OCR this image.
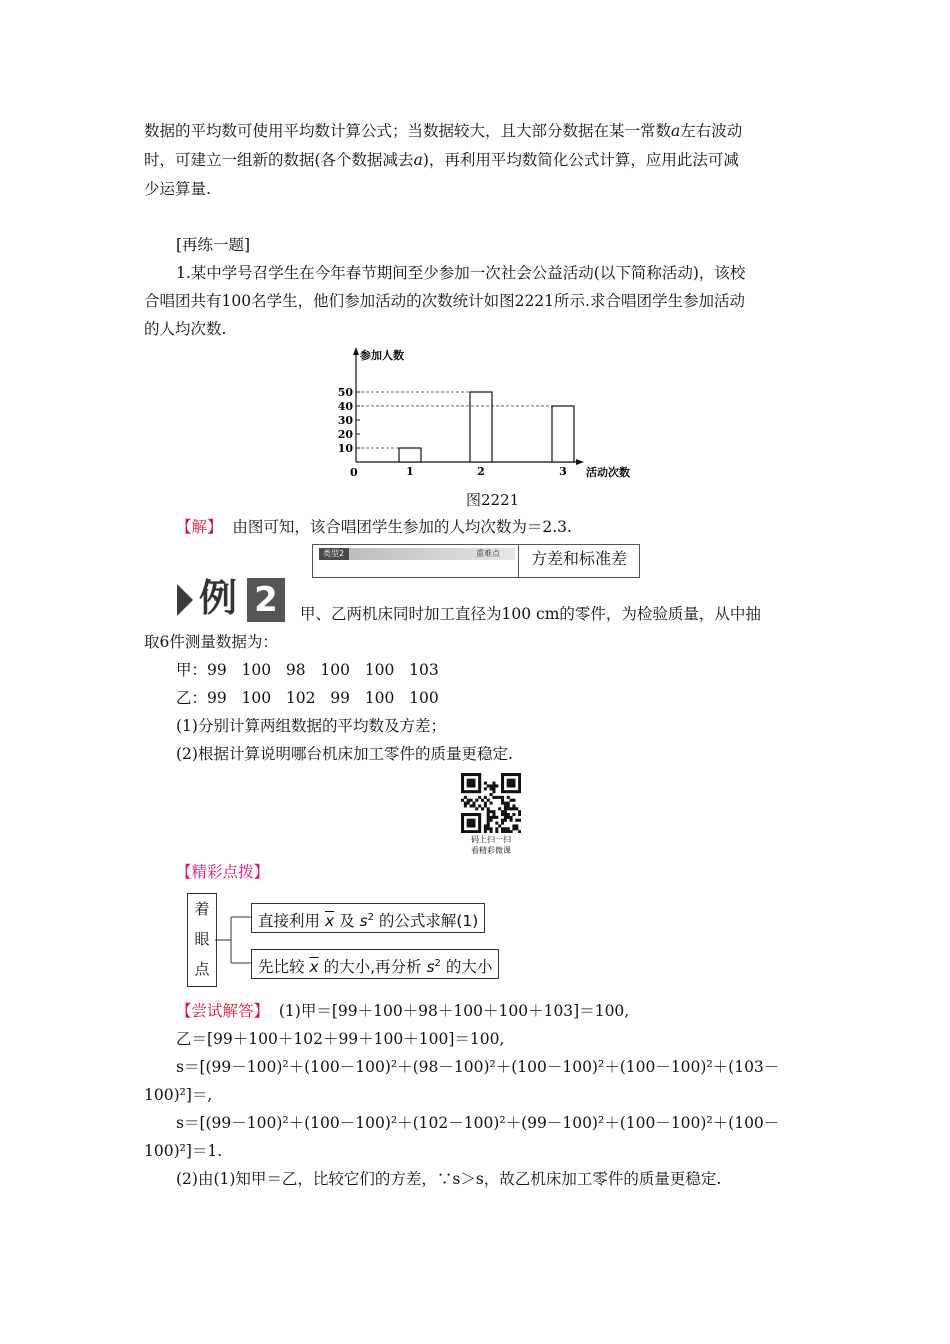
数据的平均数可使用平均数计算公式；当数据较大，且大部分数据在某一常数a左右波动
时，可建立一组新的数据(各个数据减去a)，再利用平均数简化公式计算，应用此法可减
少运算量.
[再练一题]
1.某中学号召学生在今年春节期间至少参加一次社会公益活动(以下简称活动)，该校
合唱团共有100名学生，他们参加活动的次数统计如图2221所示.求合唱团学生参加活动
的人均次数.
参加人数
活动次数
0
10
20
30
40
50
1	2	3
图2221
【解】 由图可知，该合唱团学生参加的人均次数为＝2.3.
类型2	重难点	方差和标准差
例 2	甲、乙两机床同时加工直径为100 cm的零件，为检验质量，从中抽
取6件测量数据为：
甲：99   100   98   100   100   103
乙：99   100   102   99   100   100
(1)分别计算两组数据的平均数及方差；
(2)根据计算说明哪台机床加工零件的质量更稳定.
码上扫一扫
看精彩微课
【精彩点拨】
着
眼
点
直接利用 $\overline{x}$ 及 $s^2$ 的公式求解(1)
先比较 $\overline{x}$ 的大小,再分析 $s^2$ 的大小
【尝试解答】 (1)甲＝[99＋100＋98＋100＋100＋103]＝100,
乙＝[99＋100＋102＋99＋100＋100]＝100,
s＝[(99－100)²＋(100－100)²＋(98－100)²＋(100－100)²＋(100－100)²＋(103－
100)²]＝,
s＝[(99－100)²＋(100－100)²＋(102－100)²＋(99－100)²＋(100－100)²＋(100－
100)²]＝1.
(2)由(1)知甲＝乙，比较它们的方差，∵s＞s，故乙机床加工零件的质量更稳定.
